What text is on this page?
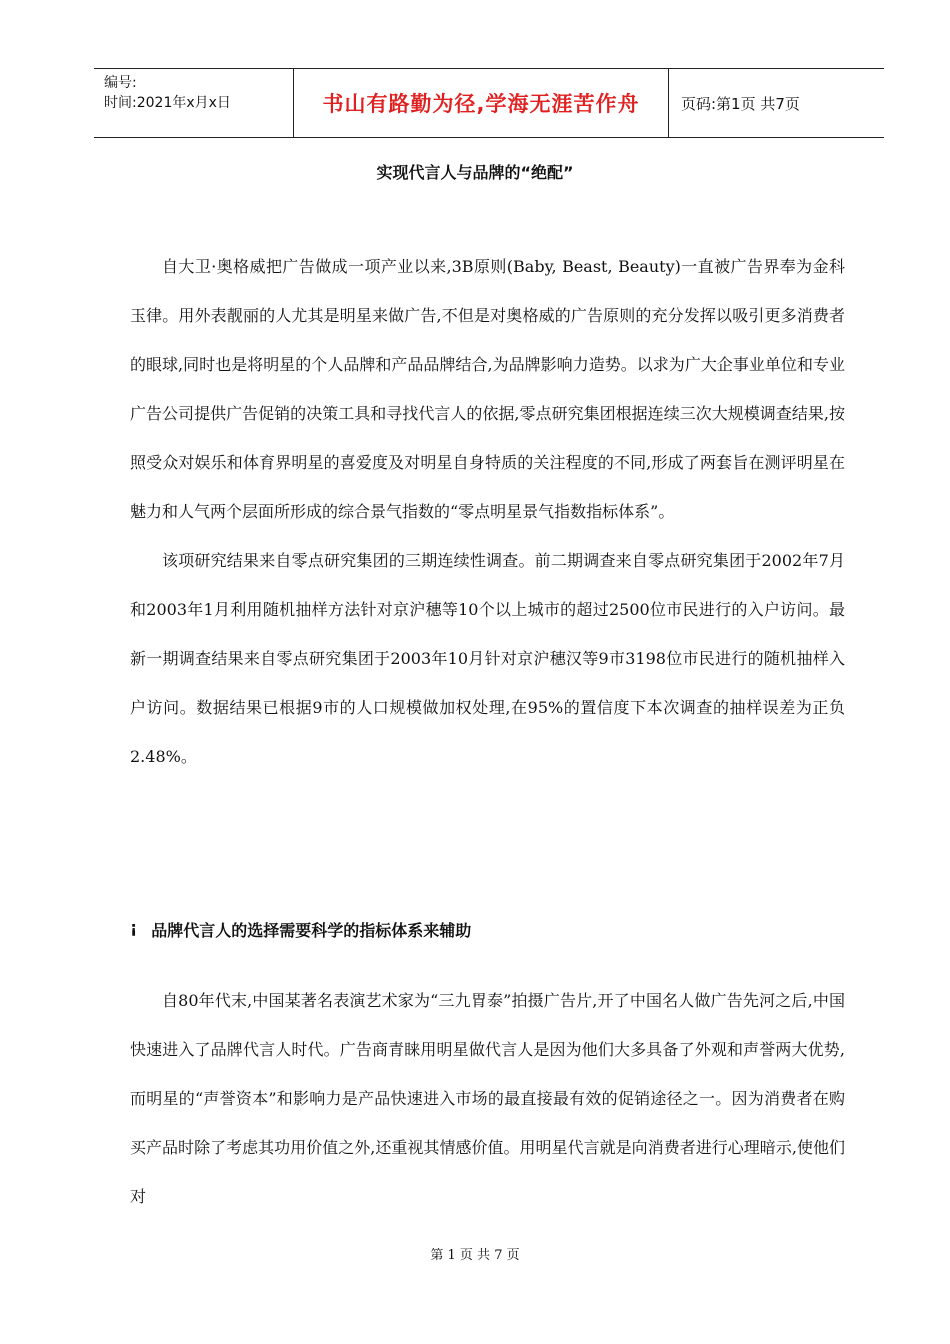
编号:
时间:2021年x月x日	书山有路勤为径,学海无涯苦作舟	页码:第1页 共7页
实现代言人与品牌的“绝配”

自大卫·奥格威把广告做成一项产业以来,3B原则(Baby, Beast, Beauty)一直被广告界奉为金科玉律。用外表靓丽的人尤其是明星来做广告,不但是对奥格威的广告原则的充分发挥以吸引更多消费者的眼球,同时也是将明星的个人品牌和产品品牌结合,为品牌影响力造势。以求为广大企事业单位和专业广告公司提供广告促销的决策工具和寻找代言人的依据,零点研究集团根据连续三次大规模调查结果,按照受众对娱乐和体育界明星的喜爱度及对明星自身特质的关注程度的不同,形成了两套旨在测评明星在魅力和人气两个层面所形成的综合景气指数的“零点明星景气指数指标体系”。

该项研究结果来自零点研究集团的三期连续性调查。前二期调查来自零点研究集团于2002年7月和2003年1月利用随机抽样方法针对京沪穗等10个以上城市的超过2500位市民进行的入户访问。最新一期调查结果来自零点研究集团于2003年10月针对京沪穗汉等9市3198位市民进行的随机抽样入户访问。数据结果已根据9市的人口规模做加权处理,在95%的置信度下本次调查的抽样误差为正负2.48%。

¡ 品牌代言人的选择需要科学的指标体系来辅助

自80年代末,中国某著名表演艺术家为“三九胃泰”拍摄广告片,开了中国名人做广告先河之后,中国快速进入了品牌代言人时代。广告商青睐用明星做代言人是因为他们大多具备了外观和声誉两大优势,而明星的“声誉资本”和影响力是产品快速进入市场的最直接最有效的促销途径之一。因为消费者在购买产品时除了考虑其功用价值之外,还重视其情感价值。用明星代言就是向消费者进行心理暗示,使他们对

第 1 页 共 7 页
